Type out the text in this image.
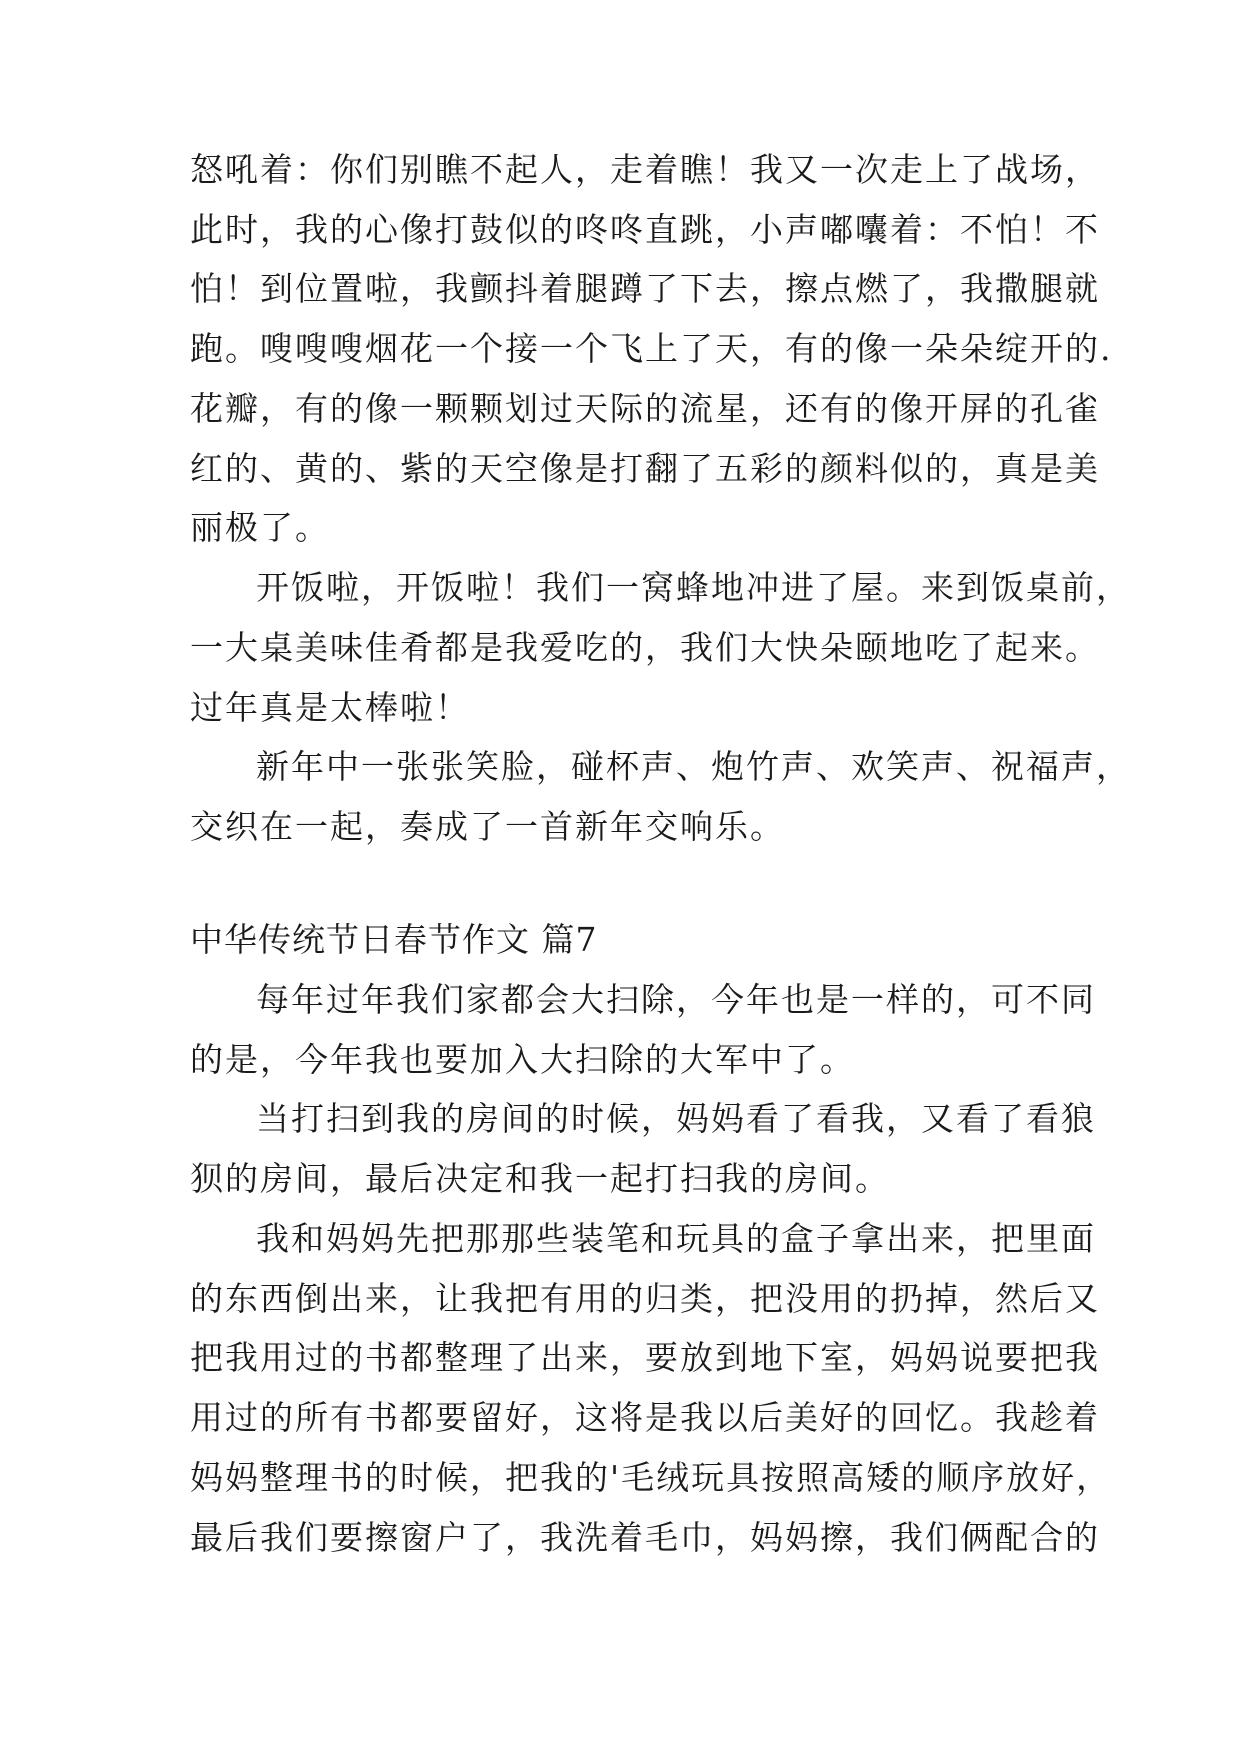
怒吼着：你们别瞧不起人，走着瞧！我又一次走上了战场，
此时，我的心像打鼓似的咚咚直跳，小声嘟囔着：不怕！不
怕！到位置啦，我颤抖着腿蹲了下去，擦点燃了，我撒腿就
跑。嗖嗖嗖烟花一个接一个飞上了天，有的像一朵朵绽开的.
花瓣，有的像一颗颗划过天际的流星，还有的像开屏的孔雀
红的、黄的、紫的天空像是打翻了五彩的颜料似的，真是美
丽极了。
开饭啦，开饭啦！我们一窝蜂地冲进了屋。来到饭桌前，
一大桌美味佳肴都是我爱吃的，我们大快朵颐地吃了起来。
过年真是太棒啦！
新年中一张张笑脸，碰杯声、炮竹声、欢笑声、祝福声，
交织在一起，奏成了一首新年交响乐。
中华传统节日春节作文 篇7
每年过年我们家都会大扫除，今年也是一样的，可不同
的是，今年我也要加入大扫除的大军中了。
当打扫到我的房间的时候，妈妈看了看我，又看了看狼
狈的房间，最后决定和我一起打扫我的房间。
我和妈妈先把那那些装笔和玩具的盒子拿出来，把里面
的东西倒出来，让我把有用的归类，把没用的扔掉，然后又
把我用过的书都整理了出来，要放到地下室，妈妈说要把我
用过的所有书都要留好，这将是我以后美好的回忆。我趁着
妈妈整理书的时候，把我的'毛绒玩具按照高矮的顺序放好，
最后我们要擦窗户了，我洗着毛巾，妈妈擦，我们俩配合的
